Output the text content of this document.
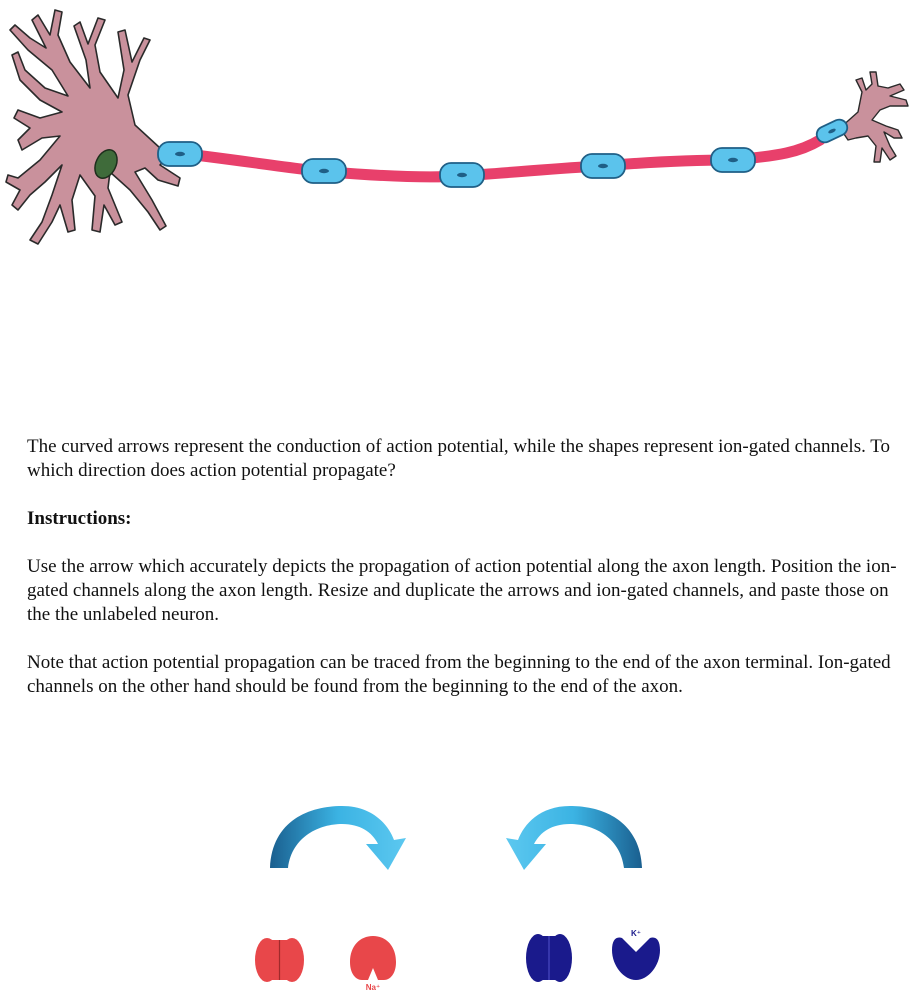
The curved arrows represent the conduction of action potential, while the shapes represent ion-gated channels. To which direction does action potential propagate?

Instructions:

Use the arrow which accurately depicts the propagation of action potential along the axon length. Position the ion-gated channels along the axon length. Resize and duplicate the arrows and ion-gated channels, and paste those on the the unlabeled neuron.

Note that action potential propagation can be traced from the beginning to the end of the axon terminal. Ion-gated channels on the other hand should be found from the beginning to the end of the axon.

Na⁺
K⁺
